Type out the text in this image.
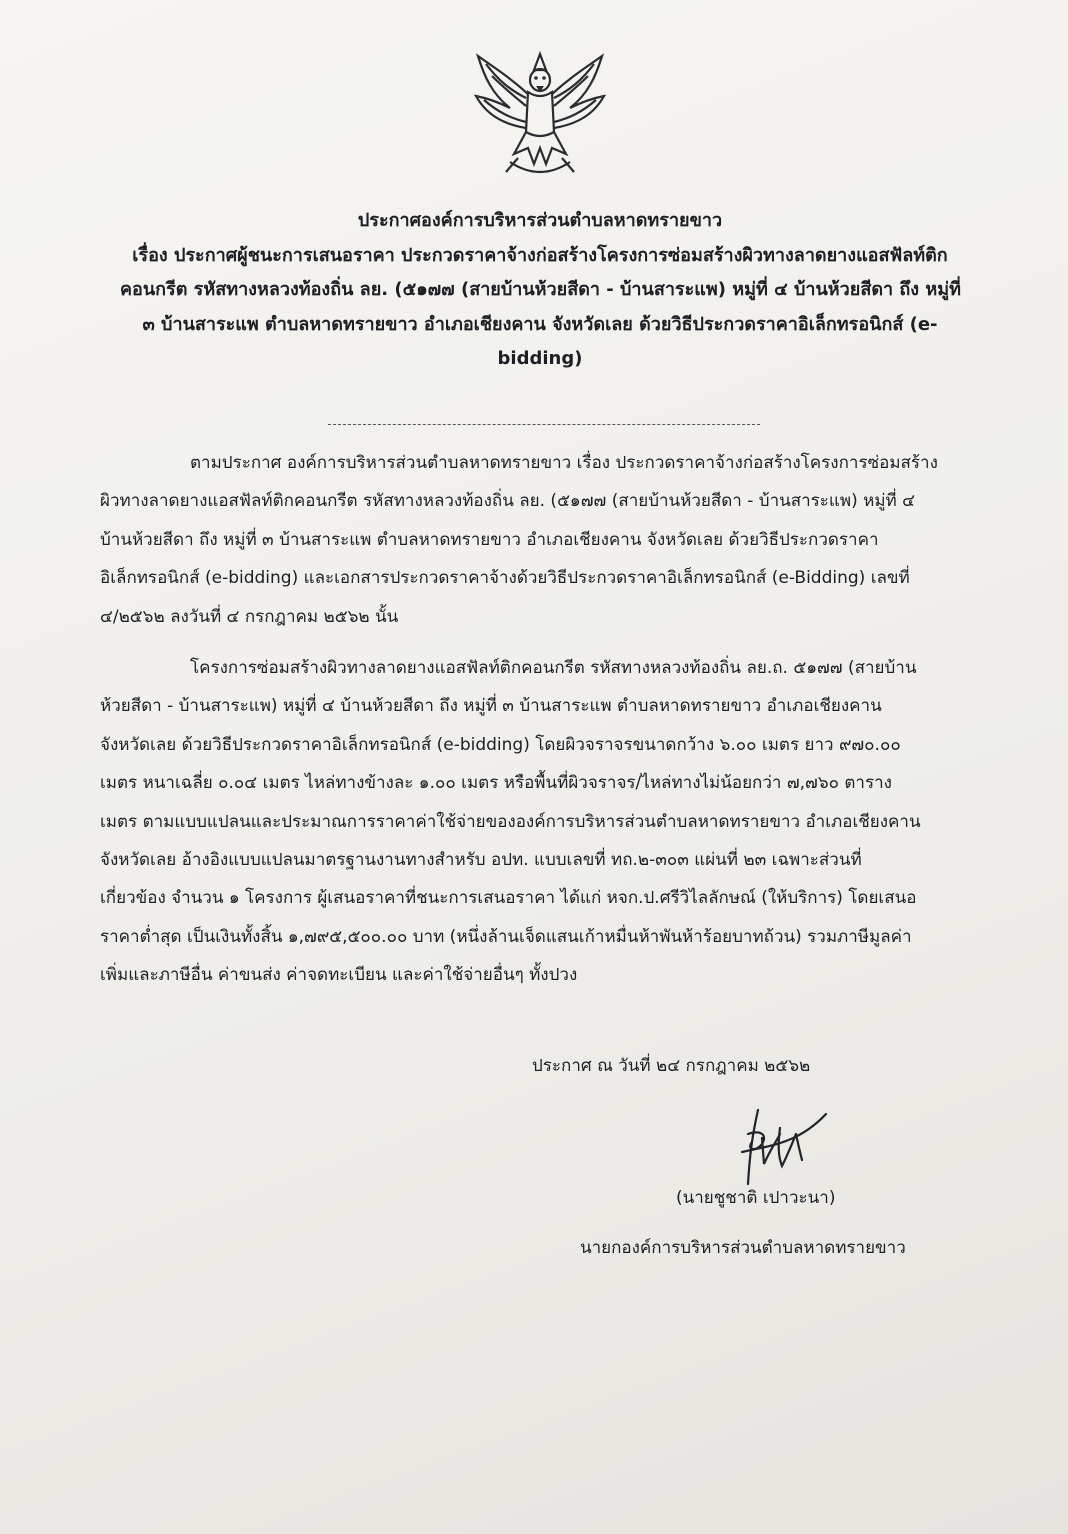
ประกาศองค์การบริหารส่วนตำบลหาดทรายขาว
เรื่อง ประกาศผู้ชนะการเสนอราคา ประกวดราคาจ้างก่อสร้างโครงการซ่อมสร้างผิวทางลาดยางแอสฟัลท์ติก
คอนกรีต รหัสทางหลวงท้องถิ่น ลย. (๕๑๗๗ (สายบ้านห้วยสีดา - บ้านสาระแพ) หมู่ที่ ๔ บ้านห้วยสีดา ถึง หมู่ที่
๓ บ้านสาระแพ ตำบลหาดทรายขาว อำเภอเชียงคาน จังหวัดเลย ด้วยวิธีประกวดราคาอิเล็กทรอนิกส์ (e-
bidding)
ตามประกาศ องค์การบริหารส่วนตำบลหาดทรายขาว เรื่อง ประกวดราคาจ้างก่อสร้างโครงการซ่อมสร้าง
ผิวทางลาดยางแอสฟัลท์ติกคอนกรีต รหัสทางหลวงท้องถิ่น ลย. (๕๑๗๗ (สายบ้านห้วยสีดา - บ้านสาระแพ) หมู่ที่ ๔
บ้านห้วยสีดา ถึง หมู่ที่ ๓ บ้านสาระแพ ตำบลหาดทรายขาว อำเภอเชียงคาน จังหวัดเลย ด้วยวิธีประกวดราคา
อิเล็กทรอนิกส์ (e-bidding) และเอกสารประกวดราคาจ้างด้วยวิธีประกวดราคาอิเล็กทรอนิกส์ (e-Bidding) เลขที่
๔/๒๕๖๒ ลงวันที่ ๔ กรกฎาคม ๒๕๖๒ นั้น
โครงการซ่อมสร้างผิวทางลาดยางแอสฟัลท์ติกคอนกรีต รหัสทางหลวงท้องถิ่น ลย.ถ. ๕๑๗๗ (สายบ้าน
ห้วยสีดา - บ้านสาระแพ) หมู่ที่ ๔ บ้านห้วยสีดา ถึง หมู่ที่ ๓ บ้านสาระแพ ตำบลหาดทรายขาว อำเภอเชียงคาน
จังหวัดเลย ด้วยวิธีประกวดราคาอิเล็กทรอนิกส์ (e-bidding) โดยผิวจราจรขนาดกว้าง ๖.๐๐ เมตร ยาว ๙๗๐.๐๐
เมตร หนาเฉลี่ย ๐.๐๔ เมตร ไหล่ทางข้างละ ๑.๐๐ เมตร หรือพื้นที่ผิวจราจร/ไหล่ทางไม่น้อยกว่า ๗,๗๖๐ ตาราง
เมตร ตามแบบแปลนและประมาณการราคาค่าใช้จ่ายขององค์การบริหารส่วนตำบลหาดทรายขาว อำเภอเชียงคาน
จังหวัดเลย อ้างอิงแบบแปลนมาตรฐานงานทางสำหรับ อปท. แบบเลขที่ ทถ.๒-๓๐๓ แผ่นที่ ๒๓ เฉพาะส่วนที่
เกี่ยวข้อง จำนวน ๑ โครงการ ผู้เสนอราคาที่ชนะการเสนอราคา ได้แก่ หจก.ป.ศรีวิไลลักษณ์ (ให้บริการ) โดยเสนอ
ราคาต่ำสุด เป็นเงินทั้งสิ้น ๑,๗๙๕,๕๐๐.๐๐ บาท (หนึ่งล้านเจ็ดแสนเก้าหมื่นห้าพันห้าร้อยบาทถ้วน) รวมภาษีมูลค่า
เพิ่มและภาษีอื่น ค่าขนส่ง ค่าจดทะเบียน และค่าใช้จ่ายอื่นๆ ทั้งปวง
ประกาศ ณ วันที่ ๒๔ กรกฎาคม ๒๕๖๒
(นายชูชาติ เปาวะนา)
นายกองค์การบริหารส่วนตำบลหาดทรายขาว
